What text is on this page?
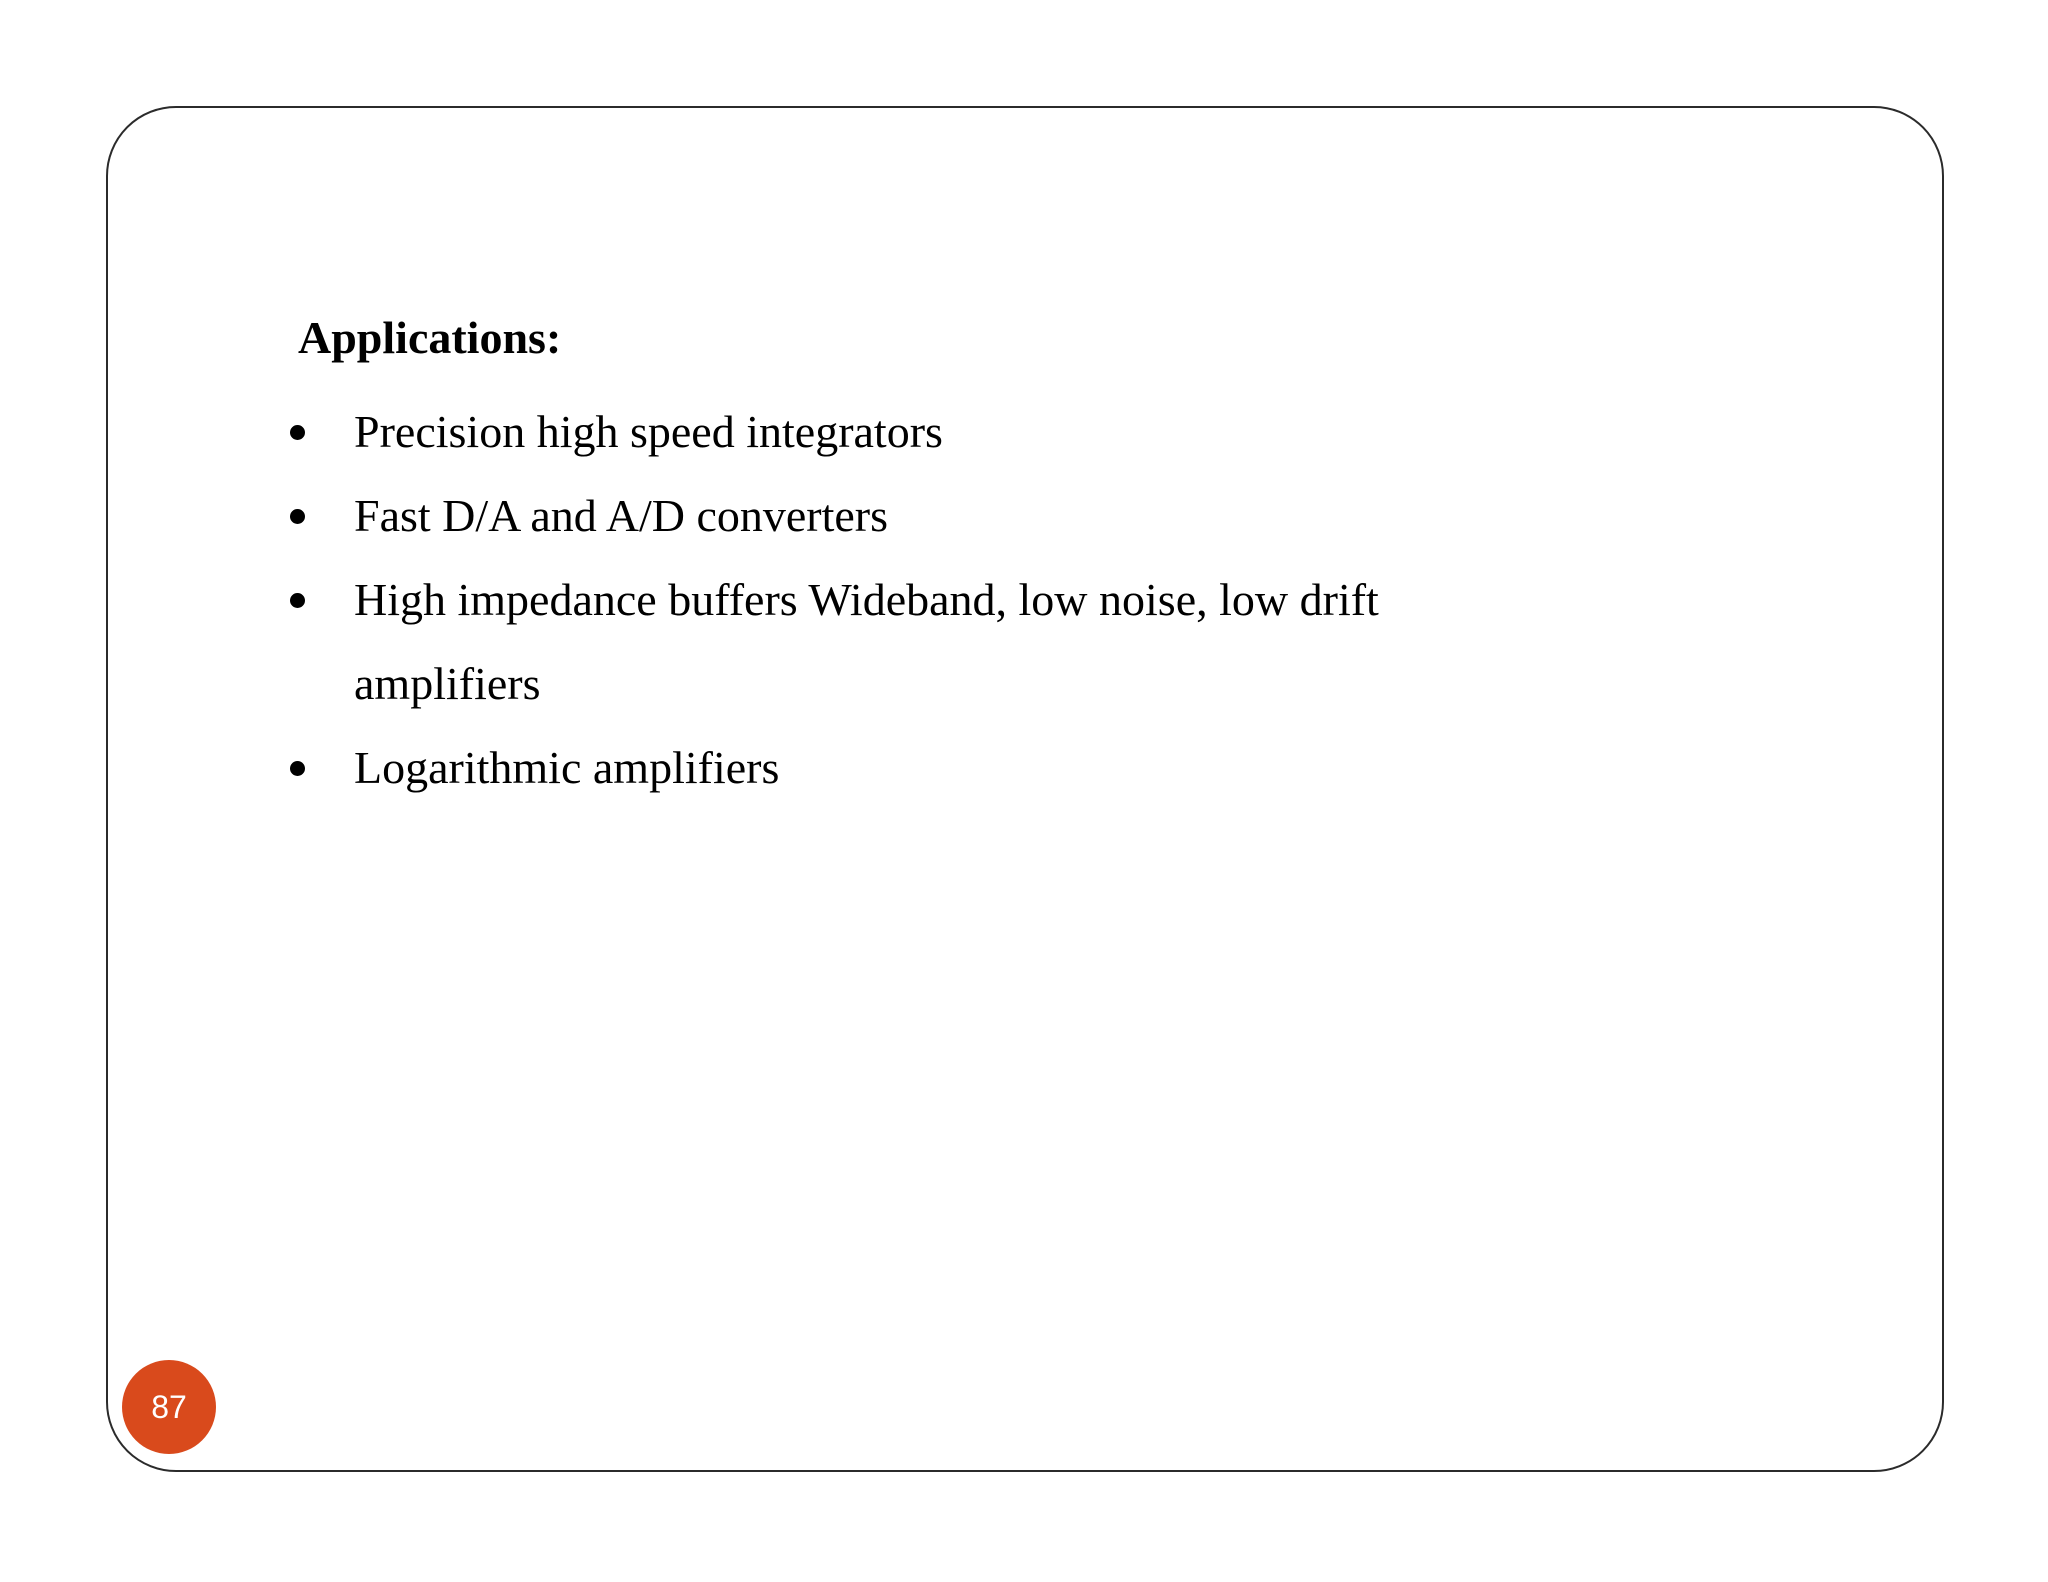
Applications:
Precision high speed integrators
Fast D/A and A/D converters
High impedance buffers Wideband, low noise, low drift amplifiers
Logarithmic amplifiers
87
